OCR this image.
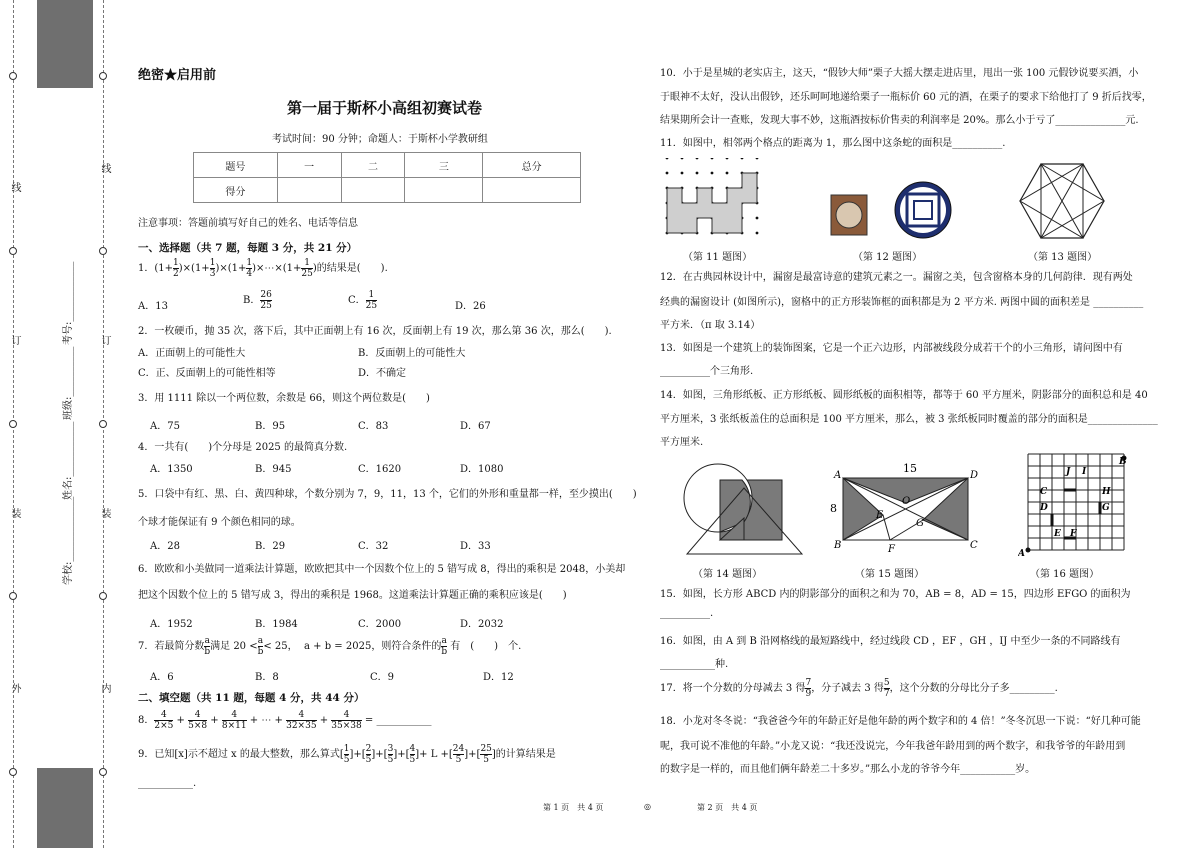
线
订
装
外
线
订
装
内
学校:_____________
姓名:___________
班级:__________
考号:____________
绝密★启用前
第一届于斯杯小高组初赛试卷
考试时间：90 分钟；命题人：于斯杯小学教研组
题号	一	二	三	总分
得分				
注意事项：答题前填写好自己的姓名、电话等信息
一、选择题（共 7 题，每题 3 分，共 21 分）
1．$(1+ \frac{1}{2} )\times(1+ \frac{1}{3} )\times(1+ \frac{1}{4}$ )×⋯×(1+ $\frac{1}{25}$ )的结果是(　　).
A．13
B． $\frac{26}{25}$	C． $\frac{1}{25}$	D．26
2．一枚硬币，抛 35 次，落下后，其中正面朝上有 16 次，反面朝上有 19 次，那么第 36 次，那么(　　).
A．正面朝上的可能性大	B．反面朝上的可能性大
C．正、反面朝上的可能性相等	D．不确定
3．用 1111 除以一个两位数，余数是 66，则这个两位数是(　　)
A．75	B．95	C．83	D．67
4．一共有(　　)个分母是 2025 的最简真分数.
A．1350	B．945	C．1620	D．1080
5．口袋中有红、黑、白、黄四种球，个数分别为 7，9，11，13 个，它们的外形和重量都一样，至少摸出(　　)
个球才能保证有 9 个颜色相同的球。
A．28	B．29	C．32	D．33
6．欧欧和小美做同一道乘法计算题，欧欧把其中一个因数个位上的 5 错写成 8，得出的乘积是 2048，小美却
把这个因数个位上的 5 错写成 3，得出的乘积是 1968。这道乘法计算题正确的乘积应该是(　　)
A．1952	B．1984	C．2000	D．2032
7．若最简分数 $\frac{a}{b}$ 满足 $20 < \frac{a}{b} < 25$， a + b = 2025，则符合条件的 $\frac{a}{b}$ 有　(　　)　个.
A．6	B．8	C．9	D．12
二、填空题（共 11 题，每题 4 分，共 44 分）
8． $\frac{4}{2\times 5} + \frac{4}{5\times 8} + \frac{4}{8\times 11}$ + ⋯ + $\frac{4}{32\times 35} + \frac{4}{35\times 38}$ = ___________
9．已知[x]示不超过 x 的最大整数，那么算式[ $\frac{1}{5}$ ]+[ $\frac{2}{5}$ ]+[ $\frac{3}{5}$ ]+[ $\frac{4}{5}$ ]+ L +[ $\frac{24}{5}$ ]+[ $\frac{25}{5}$ ]的计算结果是
___________.
10．小于是星城的老实店主，这天，“假钞大师”栗子大摇大摆走进店里，甩出一张 100 元假钞说要买酒，小
于眼神不太好，没认出假钞，还乐呵呵地递给栗子一瓶标价 60 元的酒，在栗子的要求下给他打了 9 折后找零，
结果期所会计一查账，发现大事不妙，这瓶酒按标价售卖的利润率是 20%。那么小于亏了______________元.
11．如图中，相邻两个格点的距离为 1，那么图中这条蛇的面积是__________.
（第 11 题图）	（第 12 题图）	（第 13 题图）
12．在古典园林设计中，漏窗是最富诗意的建筑元素之一。漏窗之美，包含窗格本身的几何韵律．现有两处
经典的漏窗设计 (如图所示)，窗格中的正方形装饰框的面积都是为 2 平方米. 两图中圆的面积差是 __________
平方米．（π 取 3.14）
13．如图是一个建筑上的装饰图案，它是一个正六边形，内部被线段分成若干个的小三角形，请问图中有
__________个三角形.
14．如图，三角形纸板、正方形纸板、圆形纸板的面积相等，都等于 60 平方厘米，阴影部分的面积总和是 40
平方厘米，3 张纸板盖住的总面积是 100 平方厘米，那么，被 3 张纸板同时覆盖的部分的面积是______________
平方厘米.
15
8
A
B	C
D
E
F
G
O
A
B
J I
C
D
H
G
E F
（第 14 题图）	（第 15 题图）	（第 16 题图）
15．如图，长方形 ABCD 内的阴影部分的面积之和为 70，AB = 8，AD = 15，四边形 EFGO 的面积为
__________.
16．如图，由 A 到 B 沿网格线的最短路线中，经过线段 CD ，EF ，GH ，IJ 中至少一条的不同路线有
___________种.
17．将一个分数的分母减去 3 得 $\frac{7}{9}$ ，分子减去 3 得 $\frac{5}{7}$ ，这个分数的分母比分子多_________.
18．小龙对冬冬说：“我爸爸今年的年龄正好是他年龄的两个数字和的 4 倍！”冬冬沉思一下说：“好几种可能
呢，我可说不准他的年龄。”小龙又说：“我还没说完，今年我爸年龄用到的两个数字，和我爷爷的年龄用到
的数字是一样的，而且他们俩年龄差二十多岁。”那么小龙的爷爷今年___________岁。
第 1 页　共 4 页	◎	第 2 页　共 4 页
